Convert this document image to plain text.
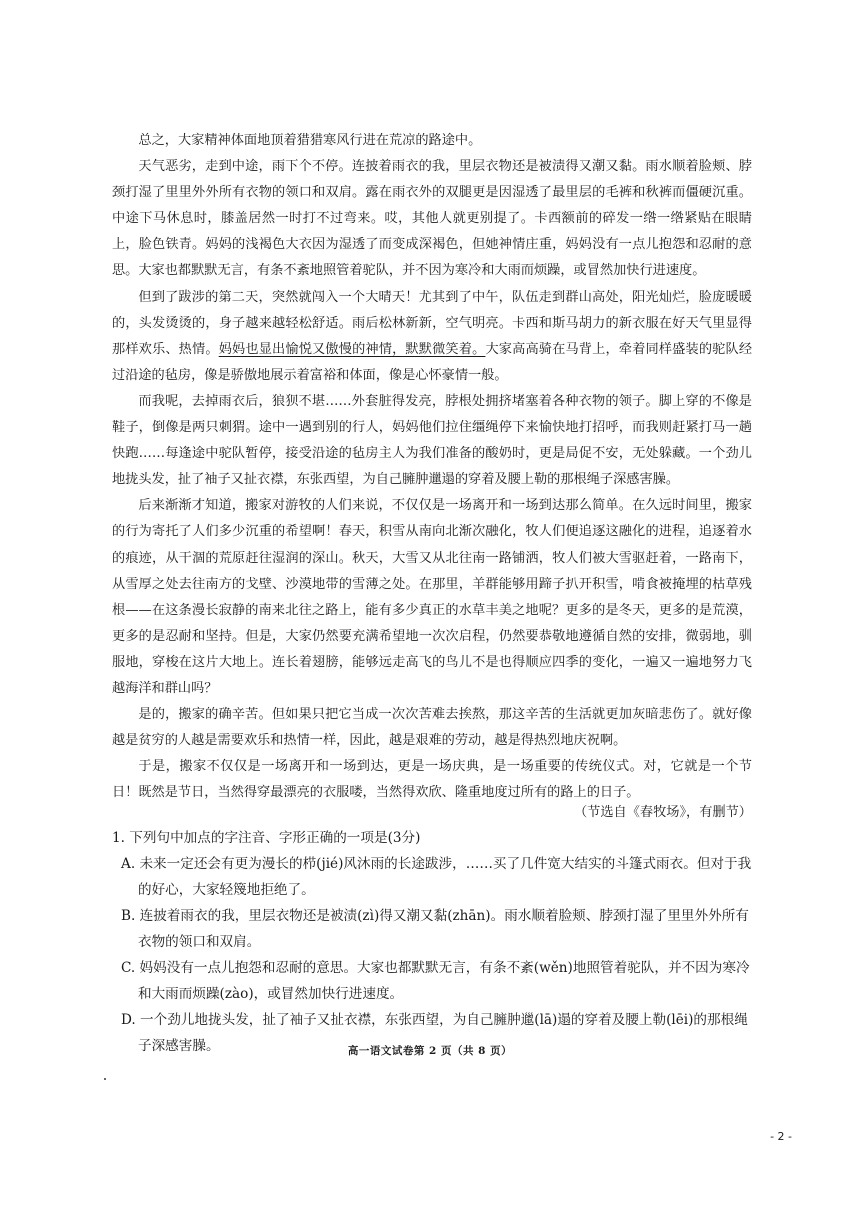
总之，大家精神体面地顶着猎猎寒风行进在荒凉的路途中。

天气恶劣，走到中途，雨下个不停。连披着雨衣的我，里层衣物还是被渍得又潮又黏。雨水顺着脸颊、脖颈打湿了里里外外所有衣物的领口和双肩。露在雨衣外的双腿更是因湿透了最里层的毛裤和秋裤而僵硬沉重。中途下马休息时，膝盖居然一时打不过弯来。哎，其他人就更别提了。卡西额前的碎发一绺一绺紧贴在眼睛上，脸色铁青。妈妈的浅褐色大衣因为湿透了而变成深褐色，但她神情庄重，妈妈没有一点儿抱怨和忍耐的意思。大家也都默默无言，有条不紊地照管着驼队，并不因为寒冷和大雨而烦躁，或冒然加快行进速度。

但到了跋涉的第二天，突然就闯入一个大晴天！尤其到了中午，队伍走到群山高处，阳光灿烂，脸庞暖暖的，头发烫烫的，身子越来越轻松舒适。雨后松林新新，空气明亮。卡西和斯马胡力的新衣服在好天气里显得那样欢乐、热情。妈妈也显出愉悦又傲慢的神情，默默微笑着。大家高高骑在马背上，牵着同样盛装的驼队经过沿途的毡房，像是骄傲地展示着富裕和体面，像是心怀豪情一般。

而我呢，去掉雨衣后，狼狈不堪……外套脏得发亮，脖根处拥挤堵塞着各种衣物的领子。脚上穿的不像是鞋子，倒像是两只刺猬。途中一遇到别的行人，妈妈他们拉住缰绳停下来愉快地打招呼，而我则赶紧打马一趟快跑……每逢途中驼队暂停，接受沿途的毡房主人为我们准备的酸奶时，更是局促不安，无处躲藏。一个劲儿地拢头发，扯了袖子又扯衣襟，东张西望，为自己臃肿邋遢的穿着及腰上勒的那根绳子深感害臊。

后来渐渐才知道，搬家对游牧的人们来说，不仅仅是一场离开和一场到达那么简单。在久远时间里，搬家的行为寄托了人们多少沉重的希望啊！春天，积雪从南向北渐次融化，牧人们便追逐这融化的进程，追逐着水的痕迹，从干涸的荒原赶往湿润的深山。秋天，大雪又从北往南一路铺洒，牧人们被大雪驱赶着，一路南下，从雪厚之处去往南方的戈壁、沙漠地带的雪薄之处。在那里，羊群能够用蹄子扒开积雪，啃食被掩埋的枯草残根——在这条漫长寂静的南来北往之路上，能有多少真正的水草丰美之地呢？更多的是冬天，更多的是荒漠，更多的是忍耐和坚持。但是，大家仍然要充满希望地一次次启程，仍然要恭敬地遵循自然的安排，微弱地，驯服地，穿梭在这片大地上。连长着翅膀，能够远走高飞的鸟儿不是也得顺应四季的变化，一遍又一遍地努力飞越海洋和群山吗？

是的，搬家的确辛苦。但如果只把它当成一次次苦难去挨熬，那这辛苦的生活就更加灰暗悲伤了。就好像越是贫穷的人越是需要欢乐和热情一样，因此，越是艰难的劳动，越是得热烈地庆祝啊。

于是，搬家不仅仅是一场离开和一场到达，更是一场庆典，是一场重要的传统仪式。对，它就是一个节日！既然是节日，当然得穿最漂亮的衣服喽，当然得欢欣、隆重地度过所有的路上的日子。

（节选自《春牧场》，有删节）

1. 下列句中加点的字注音、字形正确的一项是(3分)

A. 未来一定还会有更为漫长的栉(jié)风沐雨的长途跋涉，……买了几件宽大结实的斗篷式雨衣。但对于我的好心，大家轻篾地拒绝了。

B. 连披着雨衣的我，里层衣物还是被渍(zì)得又潮又黏(zhān)。雨水顺着脸颊、脖颈打湿了里里外外所有衣物的领口和双肩。

C. 妈妈没有一点儿抱怨和忍耐的意思。大家也都默默无言，有条不紊(wěn)地照管着驼队，并不因为寒冷和大雨而烦躁(zào)，或冒然加快行进速度。

D. 一个劲儿地拢头发，扯了袖子又扯衣襟，东张西望，为自己臃肿邋(lā)遢的穿着及腰上勒(lēi)的那根绳子深感害臊。	高一语文试卷第 2 页（共 8 页）
- 2 -
